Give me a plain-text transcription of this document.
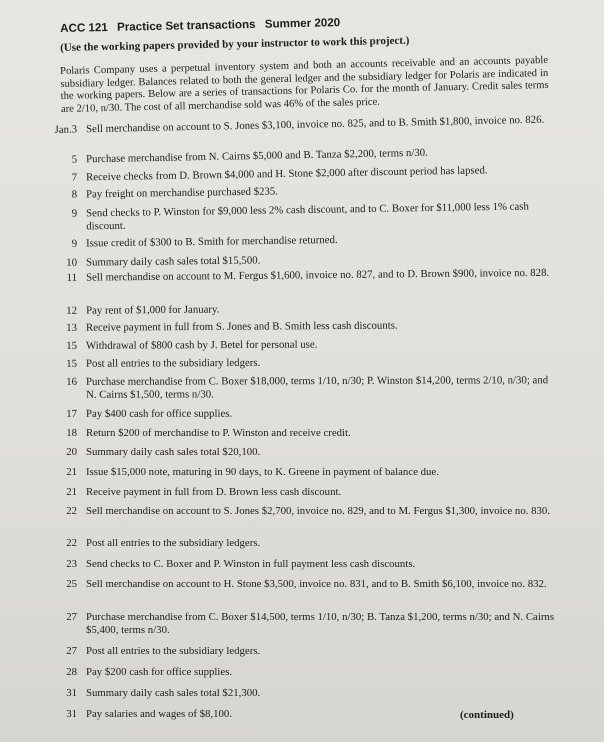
ACC 121 Practice Set transactions Summer 2020
(Use the working papers provided by your instructor to work this project.)
Polaris Company uses a perpetual inventory system and both an accounts receivable and an accounts payable subsidiary ledger. Balances related to both the general ledger and the subsidiary ledger for Polaris are indicated in the working papers. Below are a series of transactions for Polaris Co. for the month of January. Credit sales terms are 2/10, n/30. The cost of all merchandise sold was 46% of the sales price.
Jan.3 Sell merchandise on account to S. Jones $3,100, invoice no. 825, and to B. Smith $1,800, invoice no. 826.
5 Purchase merchandise from N. Cairns $5,000 and B. Tanza $2,200, terms n/30.
7 Receive checks from D. Brown $4,000 and H. Stone $2,000 after discount period has lapsed.
8 Pay freight on merchandise purchased $235.
9 Send checks to P. Winston for $9,000 less 2% cash discount, and to C. Boxer for $11,000 less 1% cash discount.
9 Issue credit of $300 to B. Smith for merchandise returned.
10 Summary daily cash sales total $15,500.
11 Sell merchandise on account to M. Fergus $1,600, invoice no. 827, and to D. Brown $900, invoice no. 828.
12 Pay rent of $1,000 for January.
13 Receive payment in full from S. Jones and B. Smith less cash discounts.
15 Withdrawal of $800 cash by J. Betel for personal use.
15 Post all entries to the subsidiary ledgers.
16 Purchase merchandise from C. Boxer $18,000, terms 1/10, n/30; P. Winston $14,200, terms 2/10, n/30; and N. Cairns $1,500, terms n/30.
17 Pay $400 cash for office supplies.
18 Return $200 of merchandise to P. Winston and receive credit.
20 Summary daily cash sales total $20,100.
21 Issue $15,000 note, maturing in 90 days, to K. Greene in payment of balance due.
21 Receive payment in full from D. Brown less cash discount.
22 Sell merchandise on account to S. Jones $2,700, invoice no. 829, and to M. Fergus $1,300, invoice no. 830.
22 Post all entries to the subsidiary ledgers.
23 Send checks to C. Boxer and P. Winston in full payment less cash discounts.
25 Sell merchandise on account to H. Stone $3,500, invoice no. 831, and to B. Smith $6,100, invoice no. 832.
27 Purchase merchandise from C. Boxer $14,500, terms 1/10, n/30; B. Tanza $1,200, terms n/30; and N. Cairns $5,400, terms n/30.
27 Post all entries to the subsidiary ledgers.
28 Pay $200 cash for office supplies.
31 Summary daily cash sales total $21,300.
31 Pay salaries and wages of $8,100.	(continued)
